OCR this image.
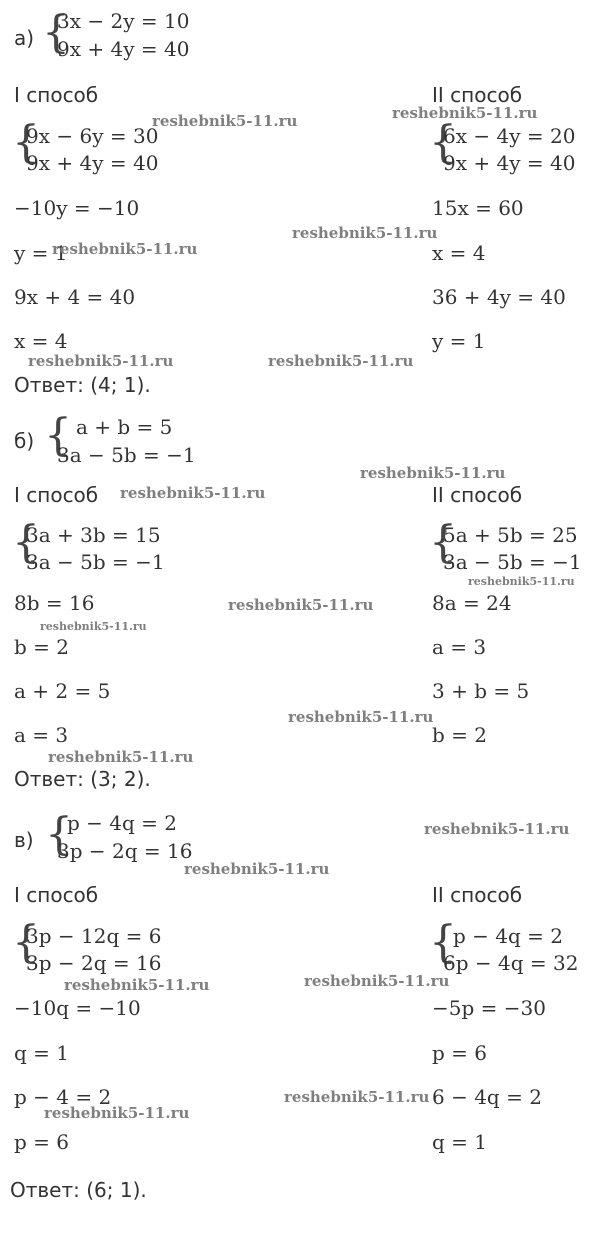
а) {
3x − 2y = 10
9x + 4y = 40
I способ
{
9x − 6y = 30
9x + 4y = 40
−10y = −10
y = 1
9x + 4 = 40
x = 4
II способ
{
6x − 4y = 20
9x + 4y = 40
15x = 60
x = 4
36 + 4y = 40
y = 1
Ответ: (4; 1).
б) { a + b = 5
3a − 5b = −1
I способ
{
3a + 3b = 15
3a − 5b = −1
8b = 16
b = 2
a + 2 = 5
a = 3
II способ
{
5a + 5b = 25
3a − 5b = −1
8a = 24
a = 3
3 + b = 5
b = 2
Ответ: (3; 2).
в) {
p − 4q = 2
3p − 2q = 16
I способ
{
3p − 12q = 6
3p − 2q = 16
−10q = −10
q = 1
p − 4 = 2
p = 6
II способ
{
p − 4q = 2
6p − 4q = 32
−5p = −30
p = 6
6 − 4q = 2
q = 1
Ответ: (6; 1).
reshebnik5-11.ru	reshebnik5-11.ru
reshebnik5-11.ru
reshebnik5-11.ru
reshebnik5-11.ru	reshebnik5-11.ru
reshebnik5-11.ru
reshebnik5-11.ru
reshebnik5-11.ru
reshebnik5-11.ru
reshebnik5-11.ru
reshebnik5-11.ru
reshebnik5-11.ru
reshebnik5-11.ru
reshebnik5-11.ru
reshebnik5-11.ru	reshebnik5-11.ru
reshebnik5-11.ru
reshebnik5-11.ru
